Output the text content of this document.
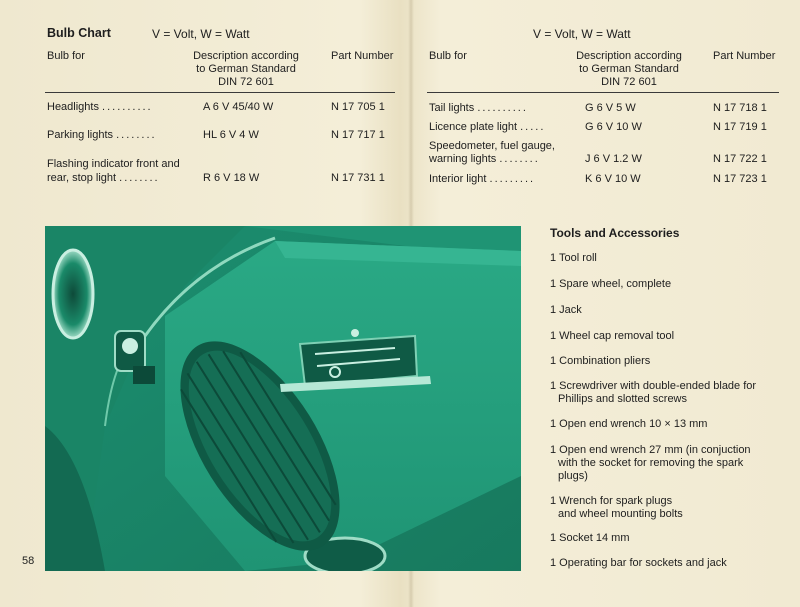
Bulb Chart	V = Volt, W = Watt
Bulb for	Description according
to German Standard
DIN 72 601
Part Number
Headlights ..........	A 6 V 45/40 W	N 17 705 1
Parking lights ........	HL 6 V 4 W	N 17 717 1
Flashing indicator front and
rear, stop light ........	R 6 V 18 W	N 17 731 1
V = Volt, W = Watt
Bulb for	Description according
to German Standard
DIN 72 601
Part Number
Tail lights ..........	G 6 V 5 W	N 17 718 1
Licence plate light .....	G 6 V 10 W	N 17 719 1
Speedometer, fuel gauge,
warning lights ........	J 6 V 1.2 W	N 17 722 1
Interior light .........	K 6 V 10 W	N 17 723 1
Tools and Accessories
1 Tool roll
1 Spare wheel, complete
1 Jack
1 Wheel cap removal tool
1 Combination pliers
1 Screwdriver with double-ended blade for
Phillips and slotted screws
1 Open end wrench 10 × 13 mm
1 Open end wrench 27 mm (in conjuction
with the socket for removing the spark
plugs)
1 Wrench for spark plugs
and wheel mounting bolts
1 Socket 14 mm
1 Operating bar for sockets and jack
58
